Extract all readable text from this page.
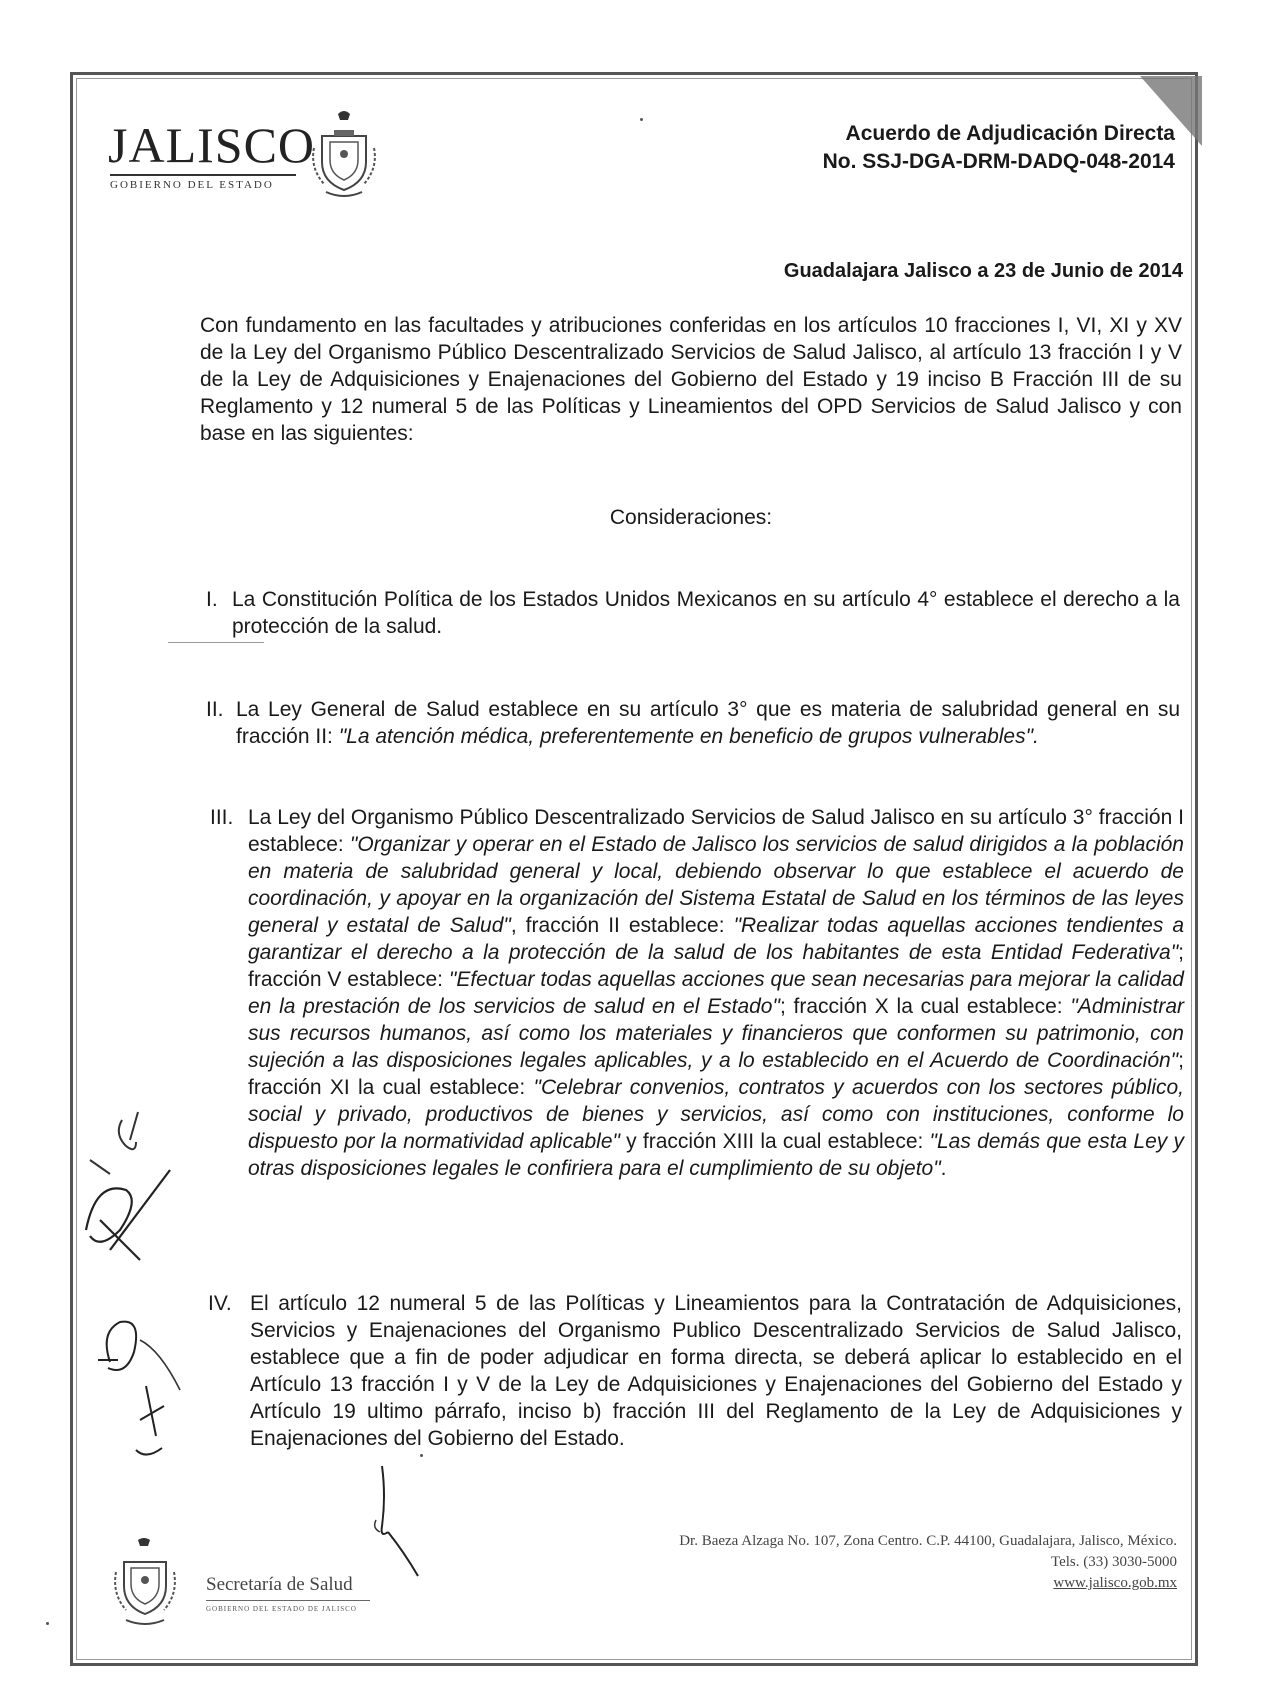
JALISCO
GOBIERNO DEL ESTADO
Acuerdo de Adjudicación Directa
No. SSJ-DGA-DRM-DADQ-048-2014
Guadalajara Jalisco a 23 de Junio de 2014
Con fundamento en las facultades y atribuciones conferidas en los artículos 10 fracciones I, VI, XI y XV de la Ley del Organismo Público Descentralizado Servicios de Salud Jalisco, al artículo 13 fracción I y V de la Ley de Adquisiciones y Enajenaciones del Gobierno del Estado y 19 inciso B Fracción III de su Reglamento y 12 numeral 5 de las Políticas y Lineamientos del OPD Servicios de Salud Jalisco y con base en las siguientes:
Consideraciones:
I. La Constitución Política de los Estados Unidos Mexicanos en su artículo 4° establece el derecho a la protección de la salud.
II. La Ley General de Salud establece en su artículo 3° que es materia de salubridad general en su fracción II: "La atención médica, preferentemente en beneficio de grupos vulnerables".
III. La Ley del Organismo Público Descentralizado Servicios de Salud Jalisco en su artículo 3° fracción I establece: "Organizar y operar en el Estado de Jalisco los servicios de salud dirigidos a la población en materia de salubridad general y local, debiendo observar lo que establece el acuerdo de coordinación, y apoyar en la organización del Sistema Estatal de Salud en los términos de las leyes general y estatal de Salud", fracción II establece: "Realizar todas aquellas acciones tendientes a garantizar el derecho a la protección de la salud de los habitantes de esta Entidad Federativa"; fracción V establece: "Efectuar todas aquellas acciones que sean necesarias para mejorar la calidad en la prestación de los servicios de salud en el Estado"; fracción X la cual establece: "Administrar sus recursos humanos, así como los materiales y financieros que conformen su patrimonio, con sujeción a las disposiciones legales aplicables, y a lo establecido en el Acuerdo de Coordinación"; fracción XI la cual establece: "Celebrar convenios, contratos y acuerdos con los sectores público, social y privado, productivos de bienes y servicios, así como con instituciones, conforme lo dispuesto por la normatividad aplicable" y fracción XIII la cual establece: "Las demás que esta Ley y otras disposiciones legales le confiriera para el cumplimiento de su objeto".
IV. El artículo 12 numeral 5 de las Políticas y Lineamientos para la Contratación de Adquisiciones, Servicios y Enajenaciones del Organismo Publico Descentralizado Servicios de Salud Jalisco, establece que a fin de poder adjudicar en forma directa, se deberá aplicar lo establecido en el Artículo 13 fracción I y V de la Ley de Adquisiciones y Enajenaciones del Gobierno del Estado y Artículo 19 ultimo párrafo, inciso b) fracción III del Reglamento de la Ley de Adquisiciones y Enajenaciones del Gobierno del Estado.
Secretaría de Salud
GOBIERNO DEL ESTADO DE JALISCO
Dr. Baeza Alzaga No. 107, Zona Centro. C.P. 44100, Guadalajara, Jalisco, México.
Tels. (33) 3030-5000
www.jalisco.gob.mx
